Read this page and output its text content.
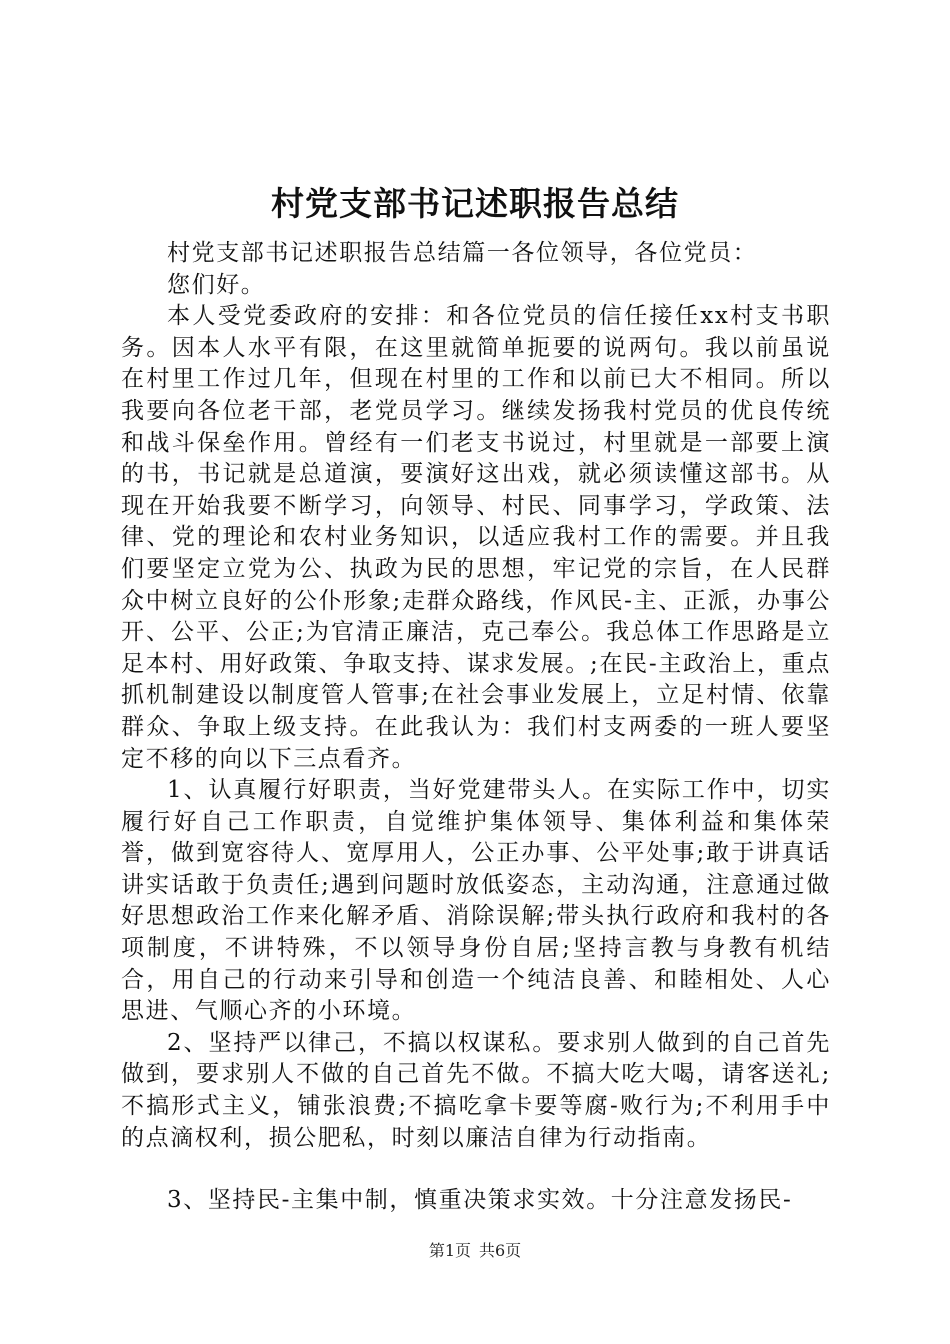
村党支部书记述职报告总结

村党支部书记述职报告总结篇一各位领导，各位党员：

您们好。

本人受党委政府的安排：和各位党员的信任接任xx村支书职务。因本人水平有限，在这里就简单扼要的说两句。我以前虽说在村里工作过几年，但现在村里的工作和以前已大不相同。所以我要向各位老干部，老党员学习。继续发扬我村党员的优良传统和战斗保垒作用。曾经有一们老支书说过，村里就是一部要上演的书，书记就是总道演，要演好这出戏，就必须读懂这部书。从现在开始我要不断学习，向领导、村民、同事学习，学政策、法律、党的理论和农村业务知识，以适应我村工作的需要。并且我们要坚定立党为公、执政为民的思想，牢记党的宗旨，在人民群众中树立良好的公仆形象;走群众路线，作风民-主、正派，办事公开、公平、公正;为官清正廉洁，克己奉公。我总体工作思路是立足本村、用好政策、争取支持、谋求发展。;在民-主政治上，重点抓机制建设以制度管人管事;在社会事业发展上，立足村情、依靠群众、争取上级支持。在此我认为：我们村支两委的一班人要坚定不移的向以下三点看齐。

1、认真履行好职责，当好党建带头人。在实际工作中，切实履行好自己工作职责，自觉维护集体领导、集体利益和集体荣誉，做到宽容待人、宽厚用人，公正办事、公平处事;敢于讲真话讲实话敢于负责任;遇到问题时放低姿态，主动沟通，注意通过做好思想政治工作来化解矛盾、消除误解;带头执行政府和我村的各项制度，不讲特殊，不以领导身份自居;坚持言教与身教有机结合，用自己的行动来引导和创造一个纯洁良善、和睦相处、人心思进、气顺心齐的小环境。

2、坚持严以律己，不搞以权谋私。要求别人做到的自己首先做到，要求别人不做的自己首先不做。不搞大吃大喝，请客送礼;不搞形式主义，铺张浪费;不搞吃拿卡要等腐-败行为;不利用手中的点滴权利，损公肥私，时刻以廉洁自律为行动指南。

3、坚持民-主集中制，慎重决策求实效。十分注意发扬民-

第1页 共6页
